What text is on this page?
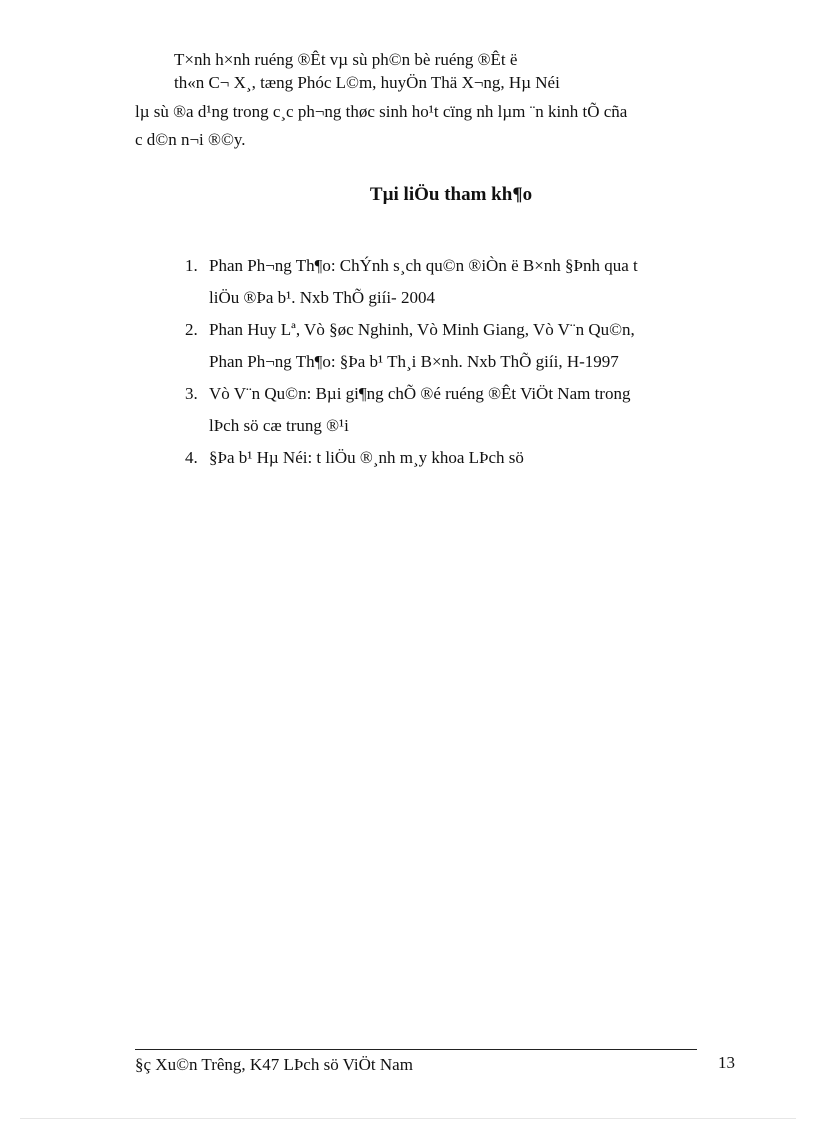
T×nh h×nh ruéng ®Êt vµ sù ph©n bè ruéng ®Êt ë
th«n C¬ X¸, tæng Phóc L©m, huyÖn Thä X¬ng, Hµ Néi
lµ sù ®a d¹ng trong c¸c ph¬ng thøc sinh ho¹t cïng nh lµm ¨n kinh tÕ cña
c d©n n¬i ®©y.
Tµi liÖu tham kh¶o
1. Phan Ph¬ng Th¶o: ChÝnh s¸ch qu©n ®iÒn ë B×nh §Þnh qua t
liÖu ®Þa b¹. Nxb ThÕ giíi- 2004
2. Phan Huy Lª, Vò §øc Nghinh, Vò Minh Giang, Vò V¨n Qu©n,
Phan Ph¬ng Th¶o: §Þa b¹ Th¸i B×nh. Nxb ThÕ giíi, H-1997
3. Vò V¨n Qu©n: Bµi gi¶ng chÕ ®é ruéng ®Êt ViÖt Nam trong
lÞch sö cæ trung ®¹i
4. §Þa b¹ Hµ Néi: t liÖu ®¸nh m¸y khoa LÞch sö
§ç Xu©n Trêng, K47 LÞch sö ViÖt Nam	13
